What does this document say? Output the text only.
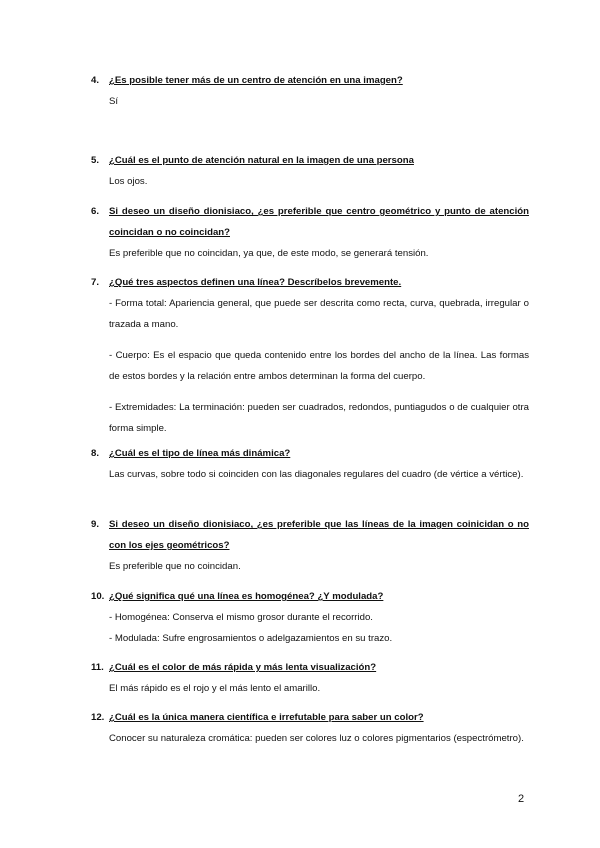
4. ¿Es posible tener más de un centro de atención en una imagen?

Sí

5. ¿Cuál es el punto de atención natural en la imagen de una persona

Los ojos.

6. Si deseo un diseño dionisiaco, ¿es preferible que centro geométrico y punto de atención coincidan o no coincidan?

Es preferible que no coincidan, ya que, de este modo, se generará tensión.

7. ¿Qué tres aspectos definen una línea? Descríbelos brevemente.

- Forma total: Apariencia general, que puede ser descrita como recta, curva, quebrada, irregular o trazada a mano.

- Cuerpo: Es el espacio que queda contenido entre los bordes del ancho de la línea. Las formas de estos bordes y la relación entre ambos determinan la forma del cuerpo.

- Extremidades: La terminación: pueden ser cuadrados, redondos, puntiagudos o de cualquier otra forma simple.

8. ¿Cuál es el tipo de línea más dinámica?

Las curvas, sobre todo si coinciden con las diagonales regulares del cuadro (de vértice a vértice).

9. Si deseo un diseño dionisiaco, ¿es preferible que las líneas de la imagen coinicidan o no con los ejes geométricos?

Es preferible que no coincidan.

10. ¿Qué significa qué una línea es homogénea? ¿Y modulada?

- Homogénea: Conserva el mismo grosor durante el recorrido.

- Modulada: Sufre engrosamientos o adelgazamientos en su trazo.

11. ¿Cuál es el color de más rápida y más lenta visualización?

El más rápido es el rojo y el más lento el amarillo.

12. ¿Cuál es la única manera científica e irrefutable para saber un color?

Conocer su naturaleza cromática: pueden ser colores luz o colores pigmentarios (espectrómetro).

2
